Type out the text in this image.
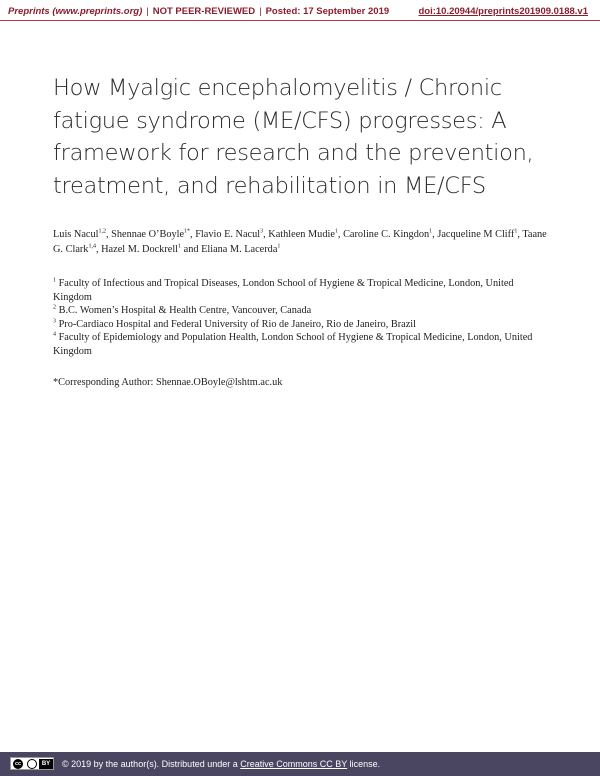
Preprints (www.preprints.org) | NOT PEER-REVIEWED | Posted: 17 September 2019	doi:10.20944/preprints201909.0188.v1
How Myalgic encephalomyelitis / Chronic
fatigue syndrome (ME/CFS) progresses: A
framework for research and the prevention,
treatment, and rehabilitation in ME/CFS
Luis Nacul$^{1,2}$, Shennae O’Boyle$^{1*}$, Flavio E. Nacul$^3$, Kathleen Mudie$^1$, Caroline C. Kingdon$^1$, Jacqueline M Cliff$^1$, Taane G. Clark$^{1,4}$, Hazel M. Dockrell$^1$ and Eliana M. Lacerda$^1$

$^1$ Faculty of Infectious and Tropical Diseases, London School of Hygiene & Tropical Medicine, London, United Kingdom

$^2$ B.C. Women’s Hospital & Health Centre, Vancouver, Canada

$^3$ Pro-Cardiaco Hospital and Federal University of Rio de Janeiro, Rio de Janeiro, Brazil

$^4$ Faculty of Epidemiology and Population Health, London School of Hygiene & Tropical Medicine, London, United Kingdom

*Corresponding Author: Shennae.OBoyle@lshtm.ac.uk
cc	BY	© 2019 by the author(s). Distributed under a Creative Commons CC BY license.
